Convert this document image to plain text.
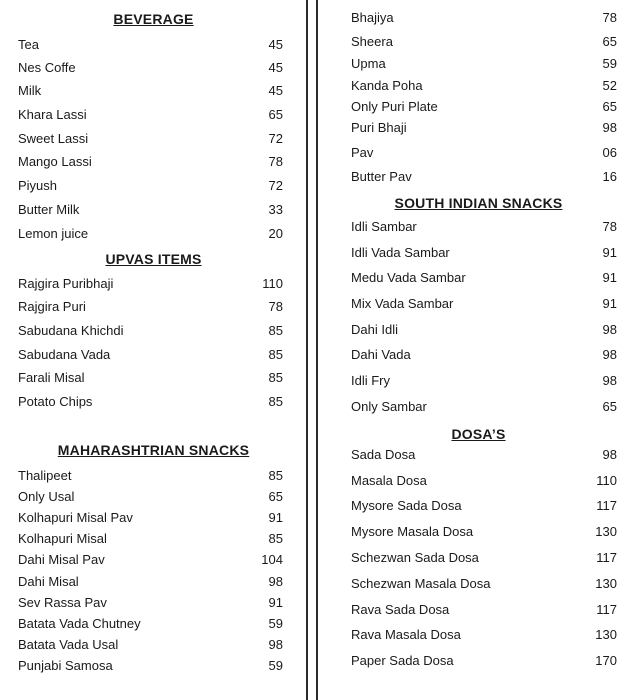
BEVERAGE
Tea	45
Nes Coffe	45
Milk	45
Khara Lassi	65
Sweet Lassi	72
Mango Lassi	78
Piyush	72
Butter Milk	33
Lemon juice	20
UPVAS ITEMS
Rajgira Puribhaji	110
Rajgira Puri	78
Sabudana Khichdi	85
Sabudana Vada	85
Farali Misal	85
Potato Chips	85
MAHARASHTRIAN SNACKS
Thalipeet	85
Only Usal	65
Kolhapuri Misal Pav	91
Kolhapuri Misal	85
Dahi Misal Pav	104
Dahi Misal	98
Sev Rassa Pav	91
Batata Vada Chutney	59
Batata Vada Usal	98
Punjabi Samosa	59
Bhajiya	78
Sheera	65
Upma	59
Kanda Poha	52
Only Puri Plate	65
Puri Bhaji	98
Pav	06
Butter Pav	16
SOUTH INDIAN SNACKS
Idli Sambar	78
Idli Vada Sambar	91
Medu Vada Sambar	91
Mix Vada Sambar	91
Dahi Idli	98
Dahi Vada	98
Idli Fry	98
Only Sambar	65
DOSA’S
Sada Dosa	98
Masala Dosa	110
Mysore Sada Dosa	117
Mysore Masala Dosa	130
Schezwan Sada Dosa	117
Schezwan Masala Dosa	130
Rava Sada Dosa	117
Rava Masala Dosa	130
Paper Sada Dosa	170
